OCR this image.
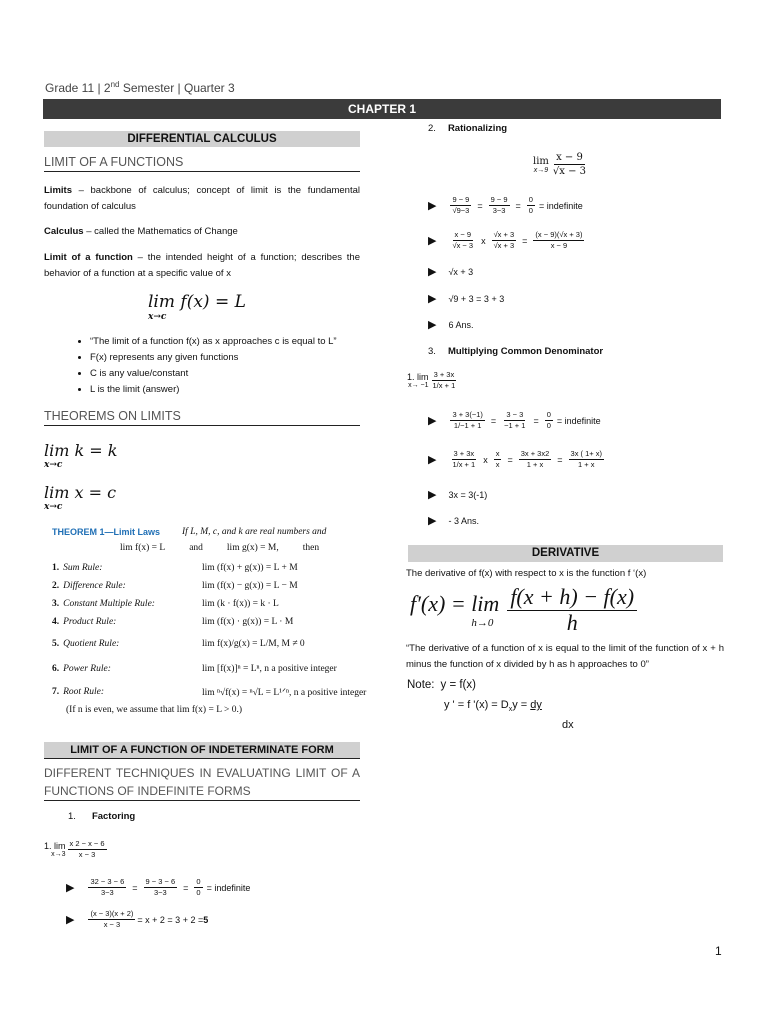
Grade 11 | 2nd Semester | Quarter 3
CHAPTER 1
DIFFERENTIAL CALCULUS
LIMIT OF A FUNCTIONS
Limits – backbone of calculus; concept of limit is the fundamental foundation of calculus
Calculus – called the Mathematics of Change
Limit of a function – the intended height of a function; describes the behavior of a function at a specific value of x
lim f(x) = L
x→c
• “The limit of a function f(x) as x approaches c is equal to L”
• F(x) represents any given functions
• C is any value/constant
• L is the limit (answer)
THEOREMS ON LIMITS
lim k = k
x→c
lim x = c
x→c
THEOREM 1—Limit Laws If L, M, c, and k are real numbers and
lim f(x) = L	and	lim g(x) = M,	then
1. Sum Rule:	lim (f(x) + g(x)) = L + M
2. Difference Rule:	lim (f(x) − g(x)) = L − M
3. Constant Multiple Rule:	lim (k · f(x)) = k · L
4. Product Rule:	lim (f(x) · g(x)) = L · M
5. Quotient Rule:	lim f(x)/g(x) = L/M, M ≠ 0
6. Power Rule:	lim [f(x)]ⁿ = Lⁿ, n a positive integer
7. Root Rule:	lim ⁿ√f(x) = ⁿ√L = L¹ᐟⁿ, n a positive integer
(If n is even, we assume that lim f(x) = L > 0.)
LIMIT OF A FUNCTION OF INDETERMINATE FORM
DIFFERENT TECHNIQUES IN EVALUATING LIMIT OF A FUNCTIONS OF INDEFINITE FORMS
1. Factoring
1. lim
$x\to 3 \frac{x 2 - x - 6}{x - 3}$
▶ $\frac{32 - 3 - 6}{3-3} = \frac{9 - 3 - 6}{3-3} = \frac{0}{0}$ = indefinite
▶ $\frac{(x - 3)(x + 2)}{x - 3} = x + 2 = 3 + 2 = 5$
2. Rationalizing
lim
$x\to 9 \frac{x - 9}{√x - 3}$
▶ $\frac{9 - 9}{√9-3} = \frac{9 - 9}{3-3} = \frac{0}{0}$ = indefinite
▶ $\frac{x - 9}{√x - 3}$ x $\frac{√x + 3}{√x + 3} = \frac{(x - 9)(√x + 3)}{x - 9}$
▶ √x + 3
▶ √9 + 3 = 3 + 3
▶ 6 Ans.
3. Multiplying Common Denominator
1. lim
$x\to -1 \frac{3 + 3x}{1/x + 1}$
▶ $\frac{3 + 3(-1)}{1/-1 + 1} = \frac{3 - 3}{-1 + 1} = \frac{0}{0}$ = indefinite
▶ $\frac{3 + 3x}{1/x + 1}$ x $\frac{x}{x} = \frac{3x + 3x2}{1 + x} = \frac{3x ( 1+ x)}{1 + x}$
▶ 3x = 3(-1)
▶ - 3 Ans.
DERIVATIVE
The derivative of f(x) with respect to x is the function f ‘(x)
f′(x) = lim
h→0
f(x + h) − f(x)
h
“The derivative of a function of x is equal to the limit of the function of x + h minus the function of x divided by h as h approaches to 0”
Note: y = f(x)
y ' = f '$(x) = D_xy$ = dy
dx
1
